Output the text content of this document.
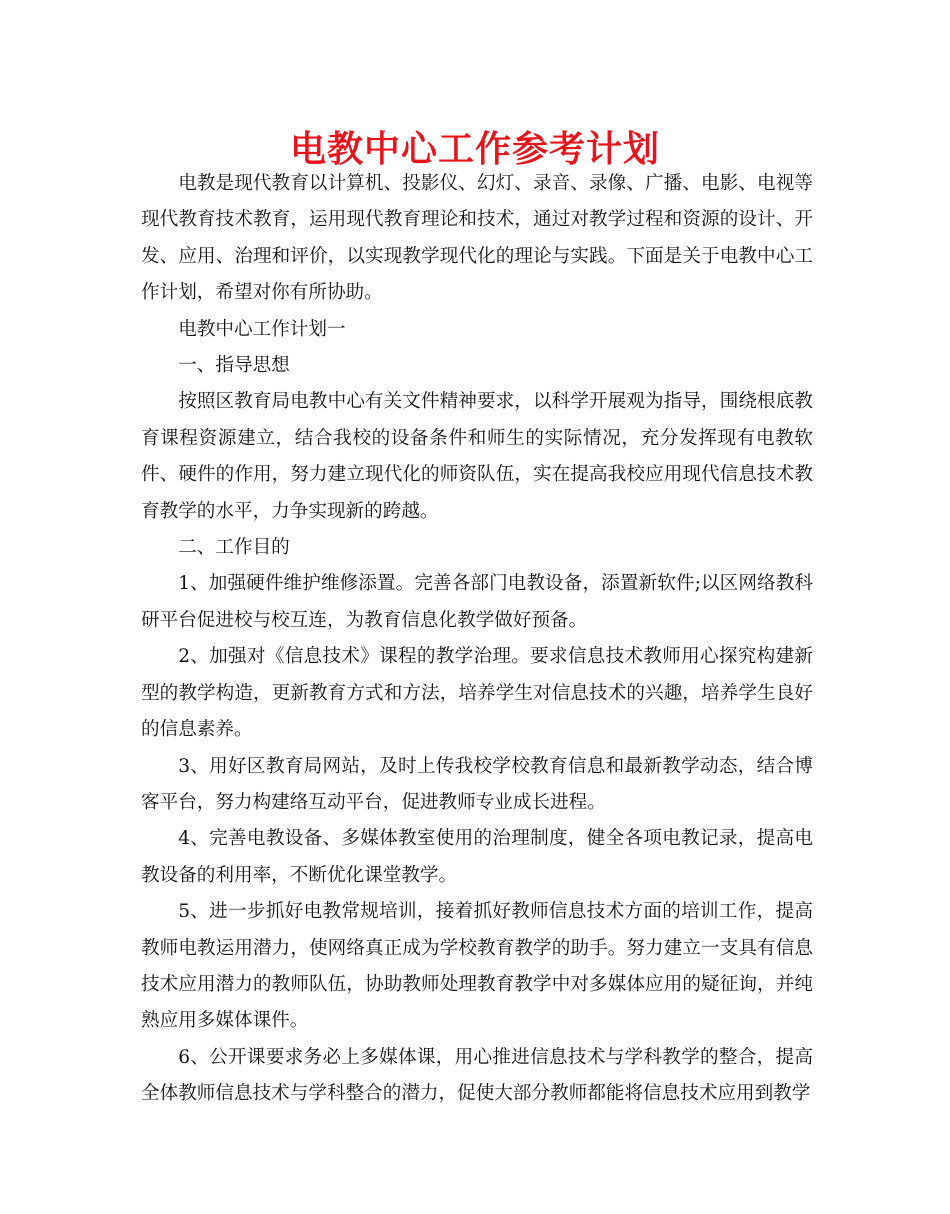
电教中心工作参考计划

电教是现代教育以计算机、投影仪、幻灯、录音、录像、广播、电影、电视等现代教育技术教育，运用现代教育理论和技术，通过对教学过程和资源的设计、开发、应用、治理和评价，以实现教学现代化的理论与实践。下面是关于电教中心工作计划，希望对你有所协助。

电教中心工作计划一

一、指导思想

按照区教育局电教中心有关文件精神要求，以科学开展观为指导，围绕根底教育课程资源建立，结合我校的设备条件和师生的实际情况，充分发挥现有电教软件、硬件的作用，努力建立现代化的师资队伍，实在提高我校应用现代信息技术教育教学的水平，力争实现新的跨越。

二、工作目的

1、加强硬件维护维修添置。完善各部门电教设备，添置新软件;以区网络教科研平台促进校与校互连，为教育信息化教学做好预备。

2、加强对《信息技术》课程的教学治理。要求信息技术教师用心探究构建新型的教学构造，更新教育方式和方法，培养学生对信息技术的兴趣，培养学生良好的信息素养。

3、用好区教育局网站，及时上传我校学校教育信息和最新教学动态，结合博客平台，努力构建络互动平台，促进教师专业成长进程。

4、完善电教设备、多媒体教室使用的治理制度，健全各项电教记录，提高电教设备的利用率，不断优化课堂教学。

5、进一步抓好电教常规培训，接着抓好教师信息技术方面的培训工作，提高教师电教运用潜力，使网络真正成为学校教育教学的助手。努力建立一支具有信息技术应用潜力的教师队伍，协助教师处理教育教学中对多媒体应用的疑征询，并纯熟应用多媒体课件。

6、公开课要求务必上多媒体课，用心推进信息技术与学科教学的整合，提高全体教师信息技术与学科整合的潜力，促使大部分教师都能将信息技术应用到教学
